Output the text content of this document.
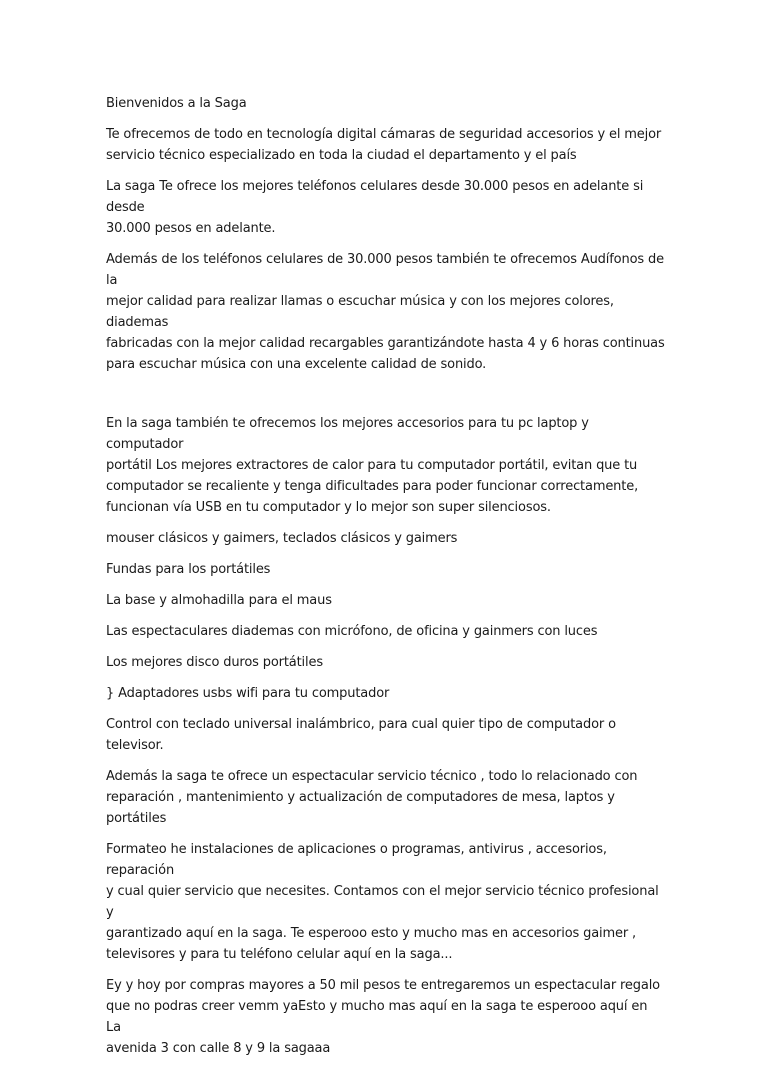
Bienvenidos a la Saga

Te ofrecemos de todo en tecnología digital cámaras de seguridad accesorios y el mejor
servicio técnico especializado en toda la ciudad el departamento y el país

La saga Te ofrece los mejores teléfonos celulares desde 30.000 pesos en adelante si desde
30.000 pesos en adelante.

Además de los teléfonos celulares de 30.000 pesos también te ofrecemos Audífonos de la
mejor calidad para realizar llamas o escuchar música y con los mejores colores, diademas
fabricadas con la mejor calidad recargables garantizándote hasta 4 y 6 horas continuas
para escuchar música con una excelente calidad de sonido.

En la saga también te ofrecemos los mejores accesorios para tu pc laptop y computador
portátil Los mejores extractores de calor para tu computador portátil, evitan que tu
computador se recaliente y tenga dificultades para poder funcionar correctamente,
funcionan vía USB en tu computador y lo mejor son super silenciosos.

mouser clásicos y gaimers, teclados clásicos y gaimers

Fundas para los portátiles

La base y almohadilla para el maus

Las espectaculares diademas con micrófono, de oficina y gainmers con luces

Los mejores disco duros portátiles

} Adaptadores usbs wifi para tu computador

Control con teclado universal inalámbrico, para cual quier tipo de computador o televisor.

Además la saga te ofrece un espectacular servicio técnico , todo lo relacionado con
reparación , mantenimiento y actualización de computadores de mesa, laptos y portátiles

Formateo he instalaciones de aplicaciones o programas, antivirus , accesorios, reparación
y cual quier servicio que necesites. Contamos con el mejor servicio técnico profesional y
garantizado aquí en la saga. Te esperooo esto y mucho mas en accesorios gaimer ,
televisores y para tu teléfono celular aquí en la saga...

Ey y hoy por compras mayores a 50 mil pesos te entregaremos un espectacular regalo
que no podras creer vemm yaEsto y mucho mas aquí en la saga te esperooo aquí en La
avenida 3 con calle 8 y 9 la sagaaa
